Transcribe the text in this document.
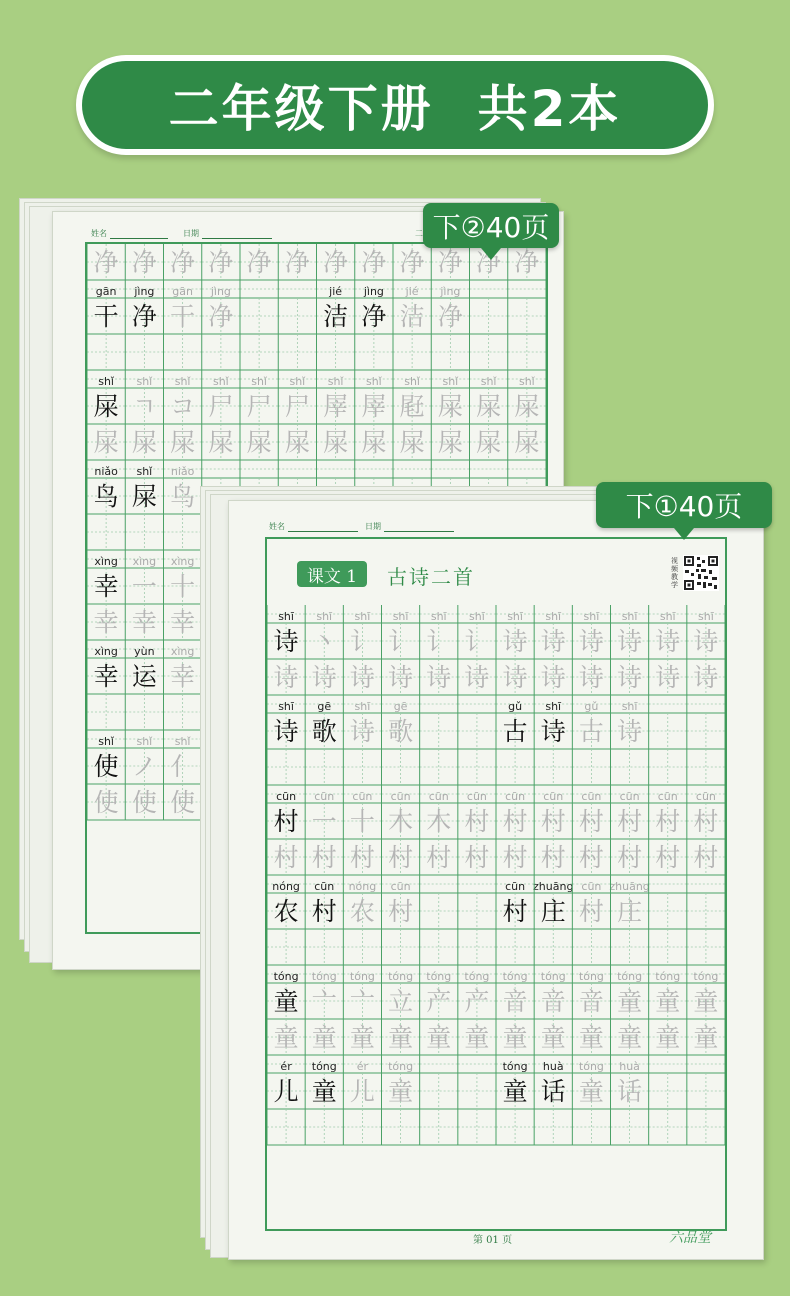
二年级下册 共2本
姓名	日期	二
净 净 净 净 净 净 净 净 净 净 净 净
gān jìng gān jìng	jié jìng jié jìng
干 净 干 净	洁 净 洁 净
shǐ shǐ shǐ shǐ shǐ shǐ shǐ shǐ shǐ shǐ shǐ shǐ
屎 ㄱ コ 尸 尸 尸 屖 屖 屘 屎 屎 屎
屎 屎 屎 屎 屎 屎 屎 屎 屎 屎 屎 屎
niǎo shǐ niǎo
鸟 屎 鸟
xìng xìng xìng
幸 一 十
幸 幸 幸
xìng yùn xìng
幸 运 幸
shǐ shǐ shǐ
使 ノ 亻
使 使 使
下②40页
姓名	日期
课文 1	古诗二首
视频教学
shī shī shī shī shī shī shī shī shī shī shī shī
诗 丶 讠 讠 讠 讠 诗 诗 诗 诗 诗 诗
诗 诗 诗 诗 诗 诗 诗 诗 诗 诗 诗 诗
shī gē shī gē	gǔ shī gǔ shī
诗 歌 诗 歌	古 诗 古 诗
cūn cūn cūn cūn cūn cūn cūn cūn cūn cūn cūn cūn
村 一 十 木 木 村 村 村 村 村 村 村
村 村 村 村 村 村 村 村 村 村 村 村
nóng cūn nóng cūn	cūn zhuāng cūn zhuāng
农 村 农 村	村 庄 村 庄
tóng tóng tóng tóng tóng tóng tóng tóng tóng tóng tóng tóng
童 亠 亠 立 产 产 音 音 音 童 童 童
童 童 童 童 童 童 童 童 童 童 童 童
ér tóng ér tóng	tóng huà tóng huà
儿 童 儿 童	童 话 童 话
第 01 页	六品堂
下①40页
